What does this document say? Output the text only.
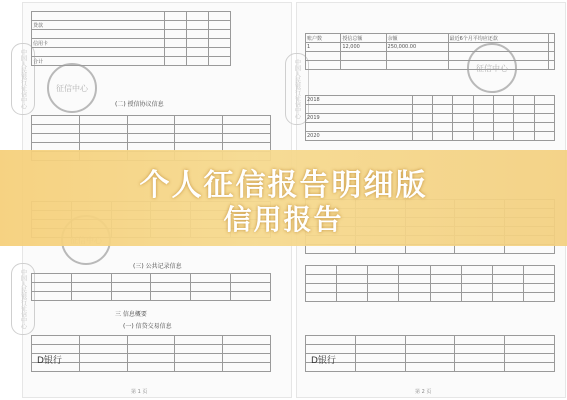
中国人民银行征信中心
中国人民银行征信中心
征信中心

贷款			

信用卡			

合计			
(二) 授信协议信息

(三) 公共记录信息

三 信息概要
(一) 信贷交易信息

D银行
第 1 页
中国人民银行征信中心	征信中心
账户数	授信总额	余额	最近6个月平均应还款	
1	12,000	250,000.00		

2018							

2019							

2020							

D银行
第 2 页
个人征信报告明细版
信用报告
